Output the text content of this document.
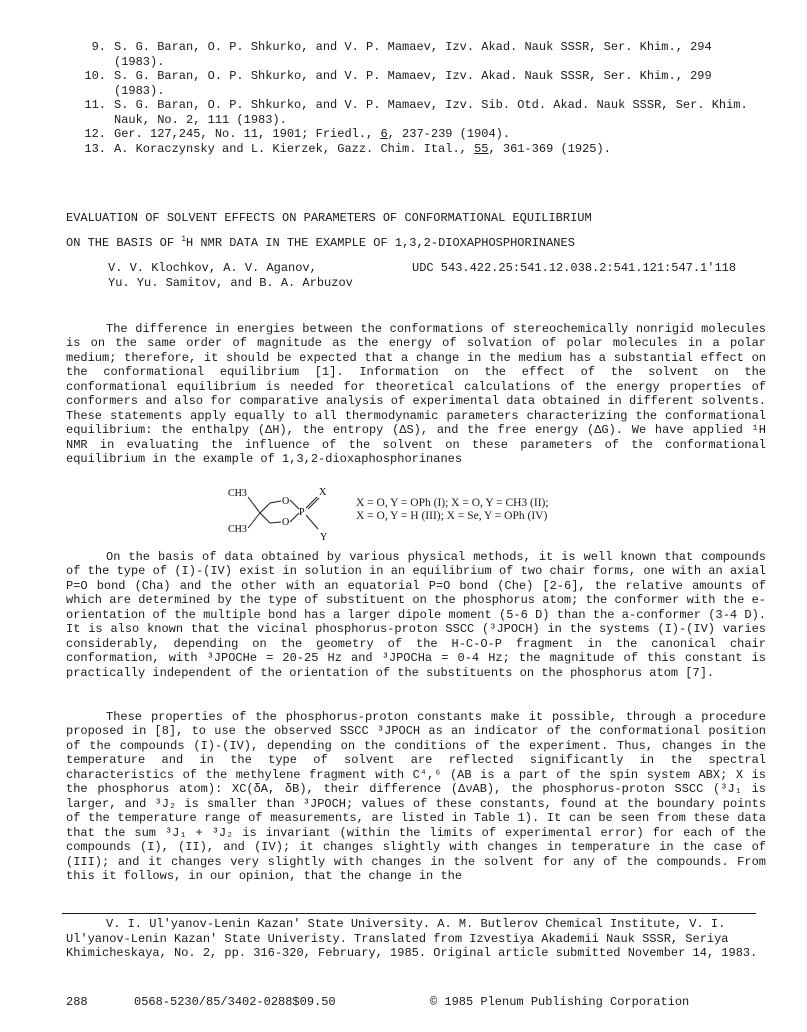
9. S. G. Baran, O. P. Shkurko, and V. P. Mamaev, Izv. Akad. Nauk SSSR, Ser. Khim., 294 (1983).
10. S. G. Baran, O. P. Shkurko, and V. P. Mamaev, Izv. Akad. Nauk SSSR, Ser. Khim., 299 (1983).
11. S. G. Baran, O. P. Shkurko, and V. P. Mamaev, Izv. Sib. Otd. Akad. Nauk SSSR, Ser. Khim. Nauk, No. 2, 111 (1983).
12. Ger. 127,245, No. 11, 1901; Friedl., 6, 237-239 (1904).
13. A. Koraczynsky and L. Kierzek, Gazz. Chim. Ital., 55, 361-369 (1925).
EVALUATION OF SOLVENT EFFECTS ON PARAMETERS OF CONFORMATIONAL EQUILIBRIUM
ON THE BASIS OF $^1$H NMR DATA IN THE EXAMPLE OF 1,3,2-DIOXAPHOSPHORINANES
V. V. Klochkov, A. V. Aganov,
Yu. Yu. Samitov, and B. A. Arbuzov
UDC 543.422.25:541.12.038.2:541.121:547.1'118

The difference in energies between the conformations of stereochemically nonrigid molecules is on the same order of magnitude as the energy of solvation of polar molecules in a polar medium; therefore, it should be expected that a change in the medium has a substantial effect on the conformational equilibrium [1]. Information on the effect of the solvent on the conformational equilibrium is needed for theoretical calculations of the energy properties of conformers and also for comparative analysis of experimental data obtained in different solvents. These statements apply equally to all thermodynamic parameters characterizing the conformational equilibrium: the enthalpy (ΔH), the entropy (ΔS), and the free energy (ΔG). We have applied ¹H NMR in evaluating the influence of the solvent on these parameters of the conformational equilibrium in the example of 1,3,2-dioxaphosphorinanes

CH3
CH3
O
O
P
X
Y
X = O, Y = OPh (I); X = O, Y = CH3 (II);
X = O, Y = H (III); X = Se, Y = OPh (IV)

On the basis of data obtained by various physical methods, it is well known that compounds of the type of (I)-(IV) exist in solution in an equilibrium of two chair forms, one with an axial P=O bond (Cha) and the other with an equatorial P=O bond (Che) [2-6], the relative amounts of which are determined by the type of substituent on the phosphorus atom; the conformer with the e-orientation of the multiple bond has a larger dipole moment (5-6 D) than the a-conformer (3-4 D). It is also known that the vicinal phosphorus-proton SSCC (³JPOCH) in the systems (I)-(IV) varies considerably, depending on the geometry of the H-C-O-P fragment in the canonical chair conformation, with ³JPOCHe = 20-25 Hz and ³JPOCHa = 0-4 Hz; the magnitude of this constant is practically independent of the orientation of the substituents on the phosphorus atom [7].

These properties of the phosphorus-proton constants make it possible, through a procedure proposed in [8], to use the observed SSCC ³JPOCH as an indicator of the conformational position of the compounds (I)-(IV), depending on the conditions of the experiment. Thus, changes in the temperature and in the type of solvent are reflected significantly in the spectral characteristics of the methylene fragment with C⁴,⁶ (AB is a part of the spin system ABX; X is the phosphorus atom): XC(δA, δB), their difference (ΔνAB), the phosphorus-proton SSCC (³J₁ is larger, and ³J₂ is smaller than ³JPOCH; values of these constants, found at the boundary points of the temperature range of measurements, are listed in Table 1). It can be seen from these data that the sum ³J₁ + ³J₂ is invariant (within the limits of experimental error) for each of the compounds (I), (II), and (IV); it changes slightly with changes in temperature in the case of (III); and it changes very slightly with changes in the solvent for any of the compounds. From this it follows, in our opinion, that the change in the

V. I. Ul'yanov-Lenin Kazan' State University. A. M. Butlerov Chemical Institute, V. I. Ul'yanov-Lenin Kazan' State Univeristy. Translated from Izvestiya Akademii Nauk SSSR, Seriya Khimicheskaya, No. 2, pp. 316-320, February, 1985. Original article submitted November 14, 1983.
288	0568-5230/85/3402-0288$09.50	© 1985 Plenum Publishing Corporation
